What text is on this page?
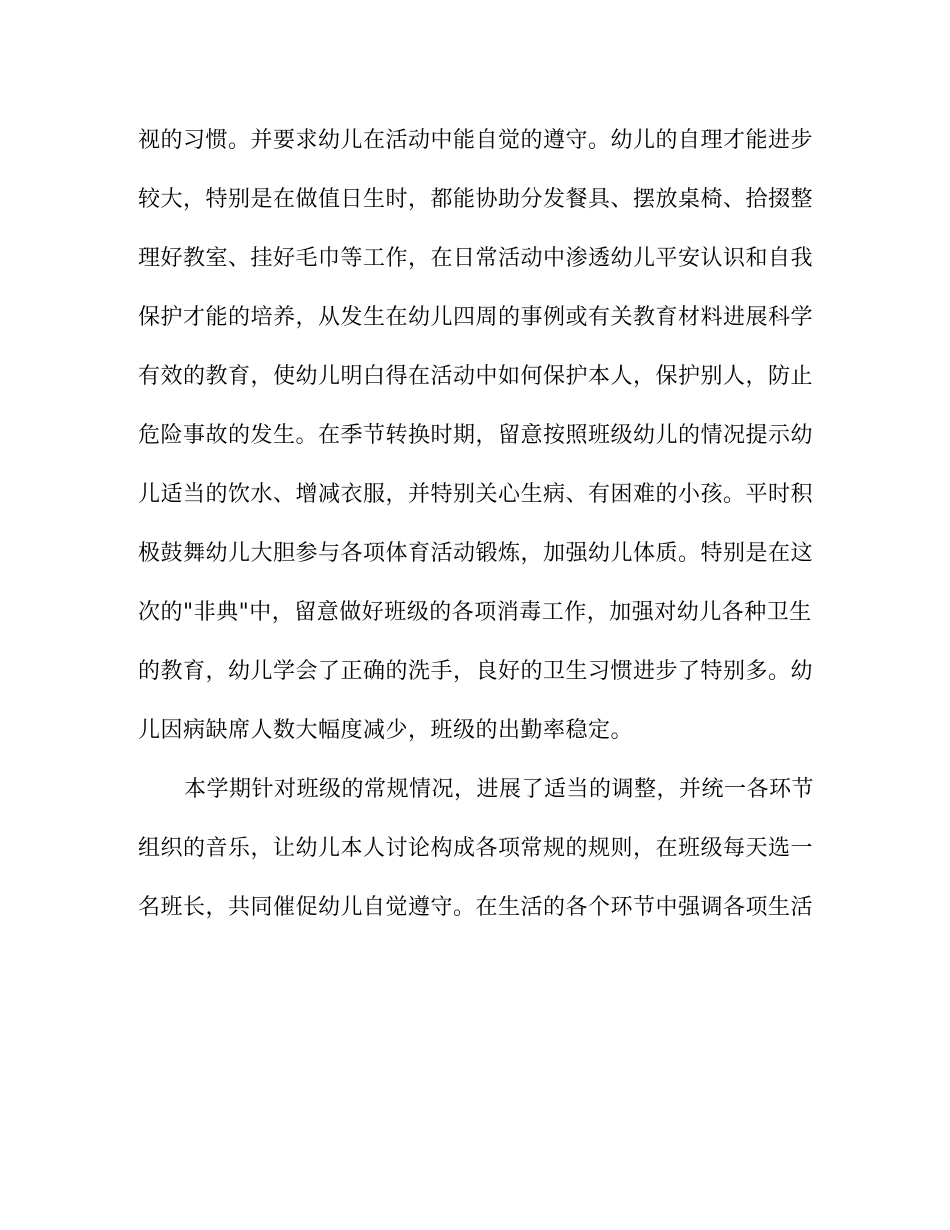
视的习惯。并要求幼儿在活动中能自觉的遵守。幼儿的自理才能进步
较大，特别是在做值日生时，都能协助分发餐具、摆放桌椅、拾掇整
理好教室、挂好毛巾等工作，在日常活动中渗透幼儿平安认识和自我
保护才能的培养，从发生在幼儿四周的事例或有关教育材料进展科学
有效的教育，使幼儿明白得在活动中如何保护本人，保护别人，防止
危险事故的发生。在季节转换时期，留意按照班级幼儿的情况提示幼
儿适当的饮水、增减衣服，并特别关心生病、有困难的小孩。平时积
极鼓舞幼儿大胆参与各项体育活动锻炼，加强幼儿体质。特别是在这
次的"非典"中，留意做好班级的各项消毒工作，加强对幼儿各种卫生
的教育，幼儿学会了正确的洗手，良好的卫生习惯进步了特别多。幼
儿因病缺席人数大幅度减少，班级的出勤率稳定。
本学期针对班级的常规情况，进展了适当的调整，并统一各环节
组织的音乐，让幼儿本人讨论构成各项常规的规则，在班级每天选一
名班长，共同催促幼儿自觉遵守。在生活的各个环节中强调各项生活
